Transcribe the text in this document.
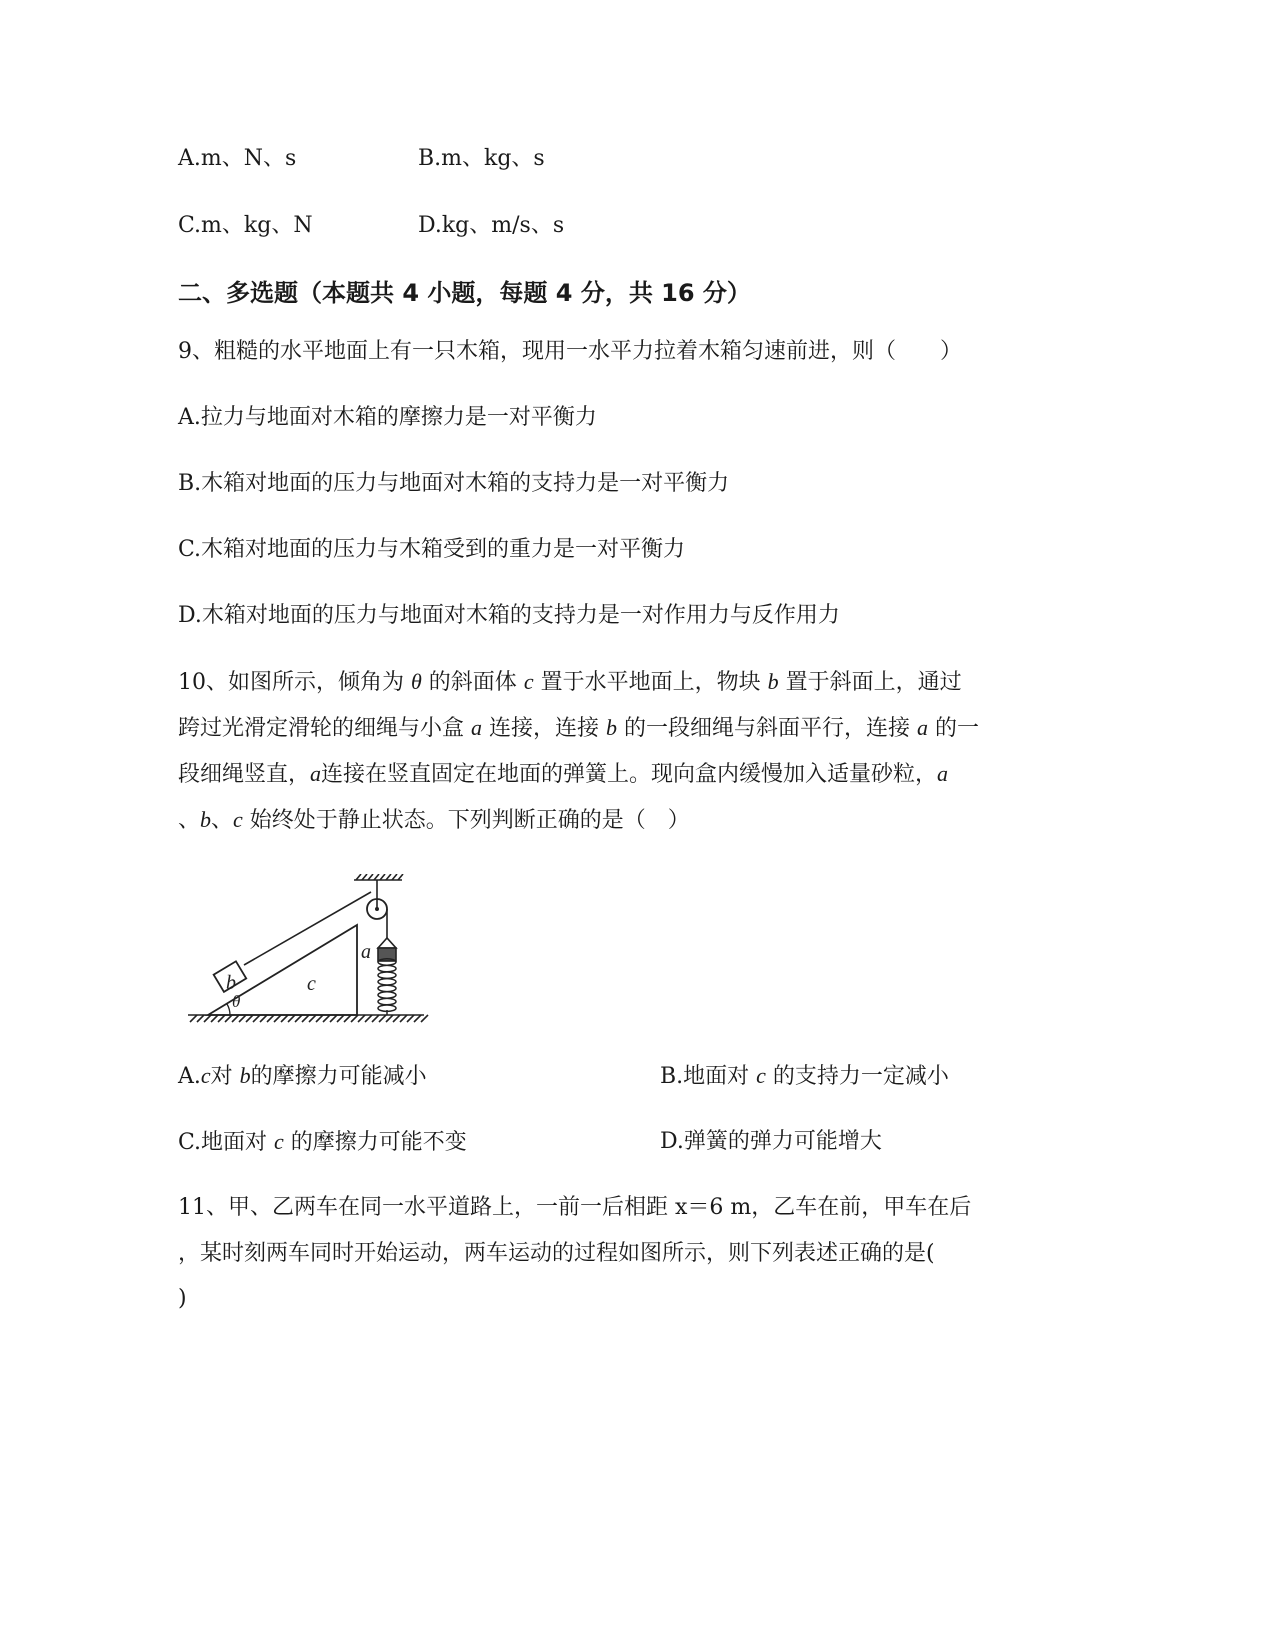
A.m、N、s	B.m、kg、s
C.m、kg、N	D.kg、m/s、s
二、多选题（本题共 4 小题，每题 4 分，共 16 分）
9、粗糙的水平地面上有一只木箱，现用一水平力拉着木箱匀速前进，则（　　）
A.拉力与地面对木箱的摩擦力是一对平衡力
B.木箱对地面的压力与地面对木箱的支持力是一对平衡力
C.木箱对地面的压力与木箱受到的重力是一对平衡力
D.木箱对地面的压力与地面对木箱的支持力是一对作用力与反作用力
10、如图所示，倾角为 θ 的斜面体 c 置于水平地面上，物块 b 置于斜面上，通过
跨过光滑定滑轮的细绳与小盒 a 连接，连接 b 的一段细绳与斜面平行，连接 a 的一
段细绳竖直，a连接在竖直固定在地面的弹簧上。现向盒内缓慢加入适量砂粒，a
、b、c 始终处于静止状态。下列判断正确的是（　）
a
b	c
θ
A.c对 b的摩擦力可能减小	B.地面对 c 的支持力一定减小
C.地面对 c 的摩擦力可能不变	D.弹簧的弹力可能增大
11、甲、乙两车在同一水平道路上，一前一后相距 x＝6 m，乙车在前，甲车在后
，某时刻两车同时开始运动，两车运动的过程如图所示，则下列表述正确的是(
)
